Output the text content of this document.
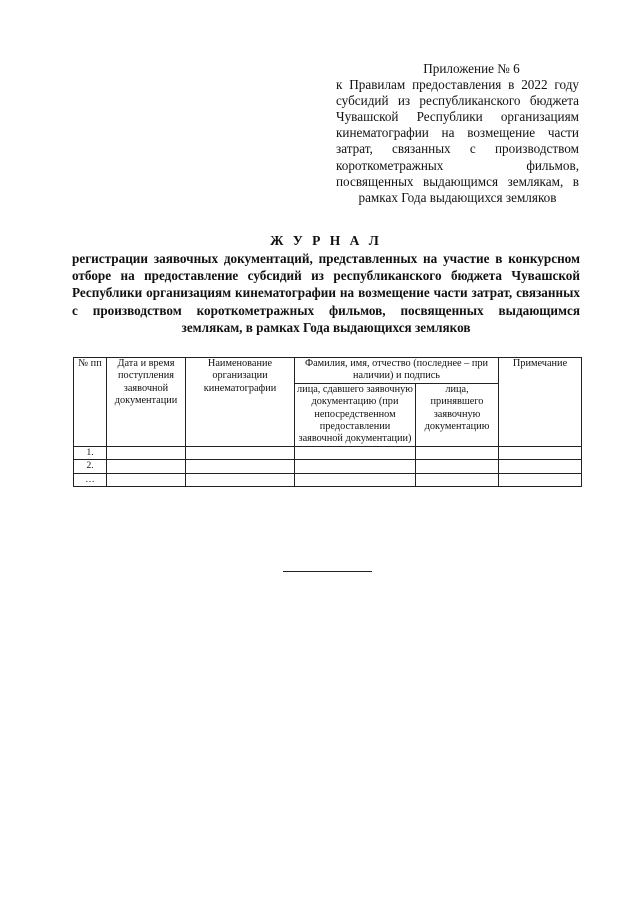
Приложение № 6
к Правилам предоставления в 2022 году субсидий из республиканского бюджета Чувашской Республики организациям кинематографии на возмещение части затрат, связанных с производством короткометражных фильмов, посвященных выдающимся землякам, в рамках Года выдающихся земляков
Ж У Р Н А Л
регистрации заявочных документаций, представленных на участие в конкурсном отборе на предоставление субсидий из республиканского бюджета Чувашской Республики организациям кинематографии на возмещение части затрат, связанных с производством короткометражных фильмов, посвященных выдающимся землякам, в рамках Года выдающихся земляков
№ пп	Дата и время поступления заявочной документации	Наименование организации кинематографии	Фамилия, имя, отчество (последнее – при наличии) и подпись		Примечание
			лица, сдавшего заявочную документацию (при непосредственном предоставлении заявочной документации)	лица, принявшего заявочную документацию	
1.					
2.					
…					
